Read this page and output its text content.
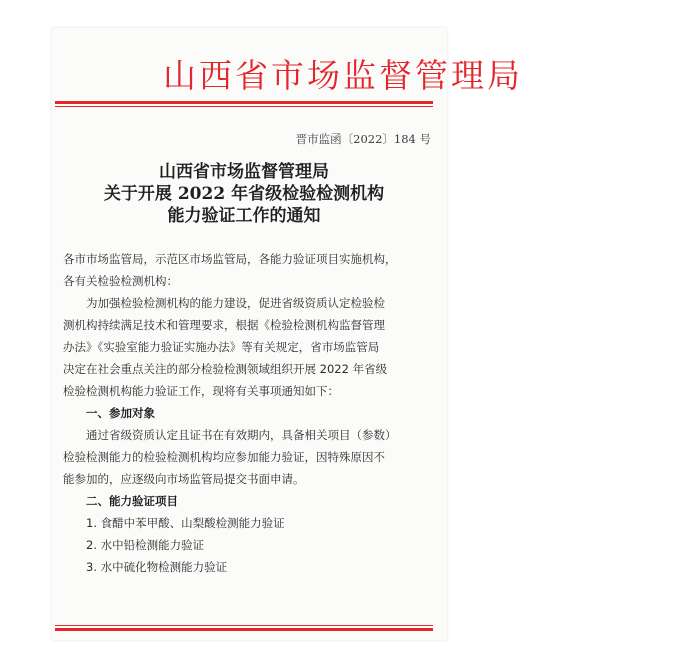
山西省市场监督管理局
晋市监函〔2022〕184 号
山西省市场监督管理局
关于开展 2022 年省级检验检测机构
能力验证工作的通知
各市市场监管局，示范区市场监管局，各能力验证项目实施机构，
各有关检验检测机构：
为加强检验检测机构的能力建设，促进省级资质认定检验检
测机构持续满足技术和管理要求，根据《检验检测机构监督管理
办法》《实验室能力验证实施办法》等有关规定，省市场监管局
决定在社会重点关注的部分检验检测领域组织开展 2022 年省级
检验检测机构能力验证工作，现将有关事项通知如下：
一、参加对象
通过省级资质认定且证书在有效期内，具备相关项目（参数）
检验检测能力的检验检测机构均应参加能力验证，因特殊原因不
能参加的，应逐级向市场监管局提交书面申请。
二、能力验证项目
1. 食醋中苯甲酸、山梨酸检测能力验证
2. 水中铅检测能力验证
3. 水中硫化物检测能力验证
